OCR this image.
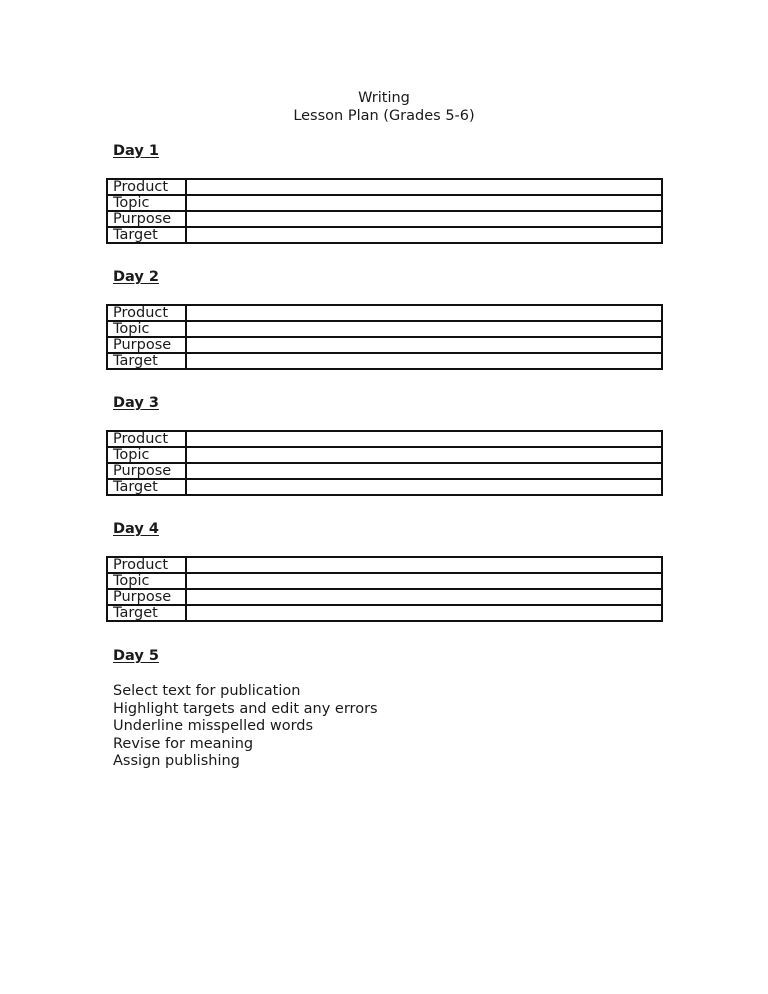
Writing
Lesson Plan (Grades 5-6)
Day 1
Product	
Topic	
Purpose	
Target	
Day 2
Product	
Topic	
Purpose	
Target	
Day 3
Product	
Topic	
Purpose	
Target	
Day 4
Product	
Topic	
Purpose	
Target	
Day 5
Select text for publication
Highlight targets and edit any errors
Underline misspelled words
Revise for meaning
Assign publishing
